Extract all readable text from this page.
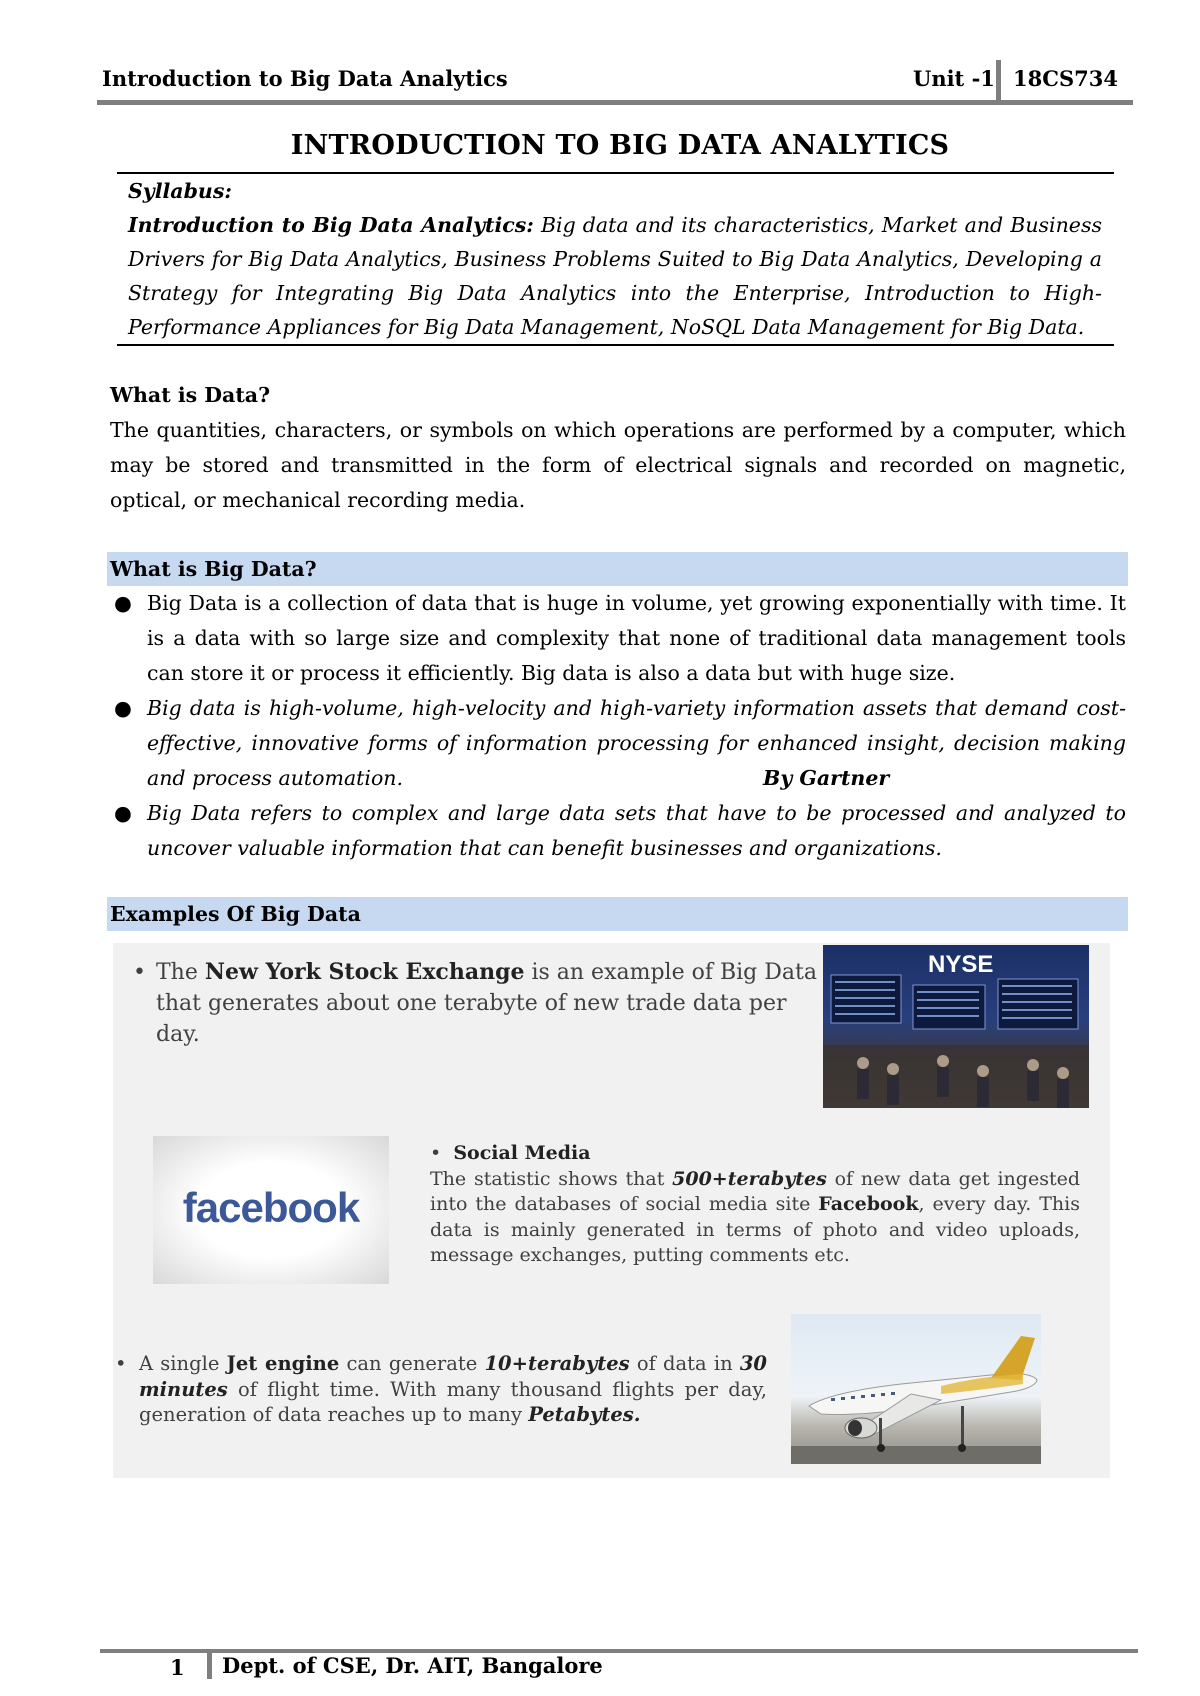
Introduction to Big Data Analytics	Unit -1 18CS734
INTRODUCTION TO BIG DATA ANALYTICS
Syllabus:
Introduction to Big Data Analytics: Big data and its characteristics, Market and Business Drivers for Big Data Analytics, Business Problems Suited to Big Data Analytics, Developing a Strategy for Integrating Big Data Analytics into the Enterprise, Introduction to High-Performance Appliances for Big Data Management, NoSQL Data Management for Big Data.
What is Data?
The quantities, characters, or symbols on which operations are performed by a computer, which may be stored and transmitted in the form of electrical signals and recorded on magnetic, optical, or mechanical recording media.
What is Big Data?
● Big Data is a collection of data that is huge in volume, yet growing exponentially with time. It is a data with so large size and complexity that none of traditional data management tools can store it or process it efficiently. Big data is also a data but with huge size.
● Big data is high-volume, high-velocity and high-variety information assets that demand cost-effective, innovative forms of information processing for enhanced insight, decision making and process automation.	By Gartner
● Big Data refers to complex and large data sets that have to be processed and analyzed to uncover valuable information that can benefit businesses and organizations.
Examples Of Big Data
• The New York Stock Exchange is an example of Big Data that generates about one terabyte of new trade data per day.
NYSE
facebook
• Social Media
The statistic shows that 500+terabytes of new data get ingested into the databases of social media site Facebook, every day. This data is mainly generated in terms of photo and video uploads, message exchanges, putting comments etc.
• A single Jet engine can generate 10+terabytes of data in 30 minutes of flight time. With many thousand flights per day, generation of data reaches up to many Petabytes.
1 Dept. of CSE, Dr. AIT, Bangalore
